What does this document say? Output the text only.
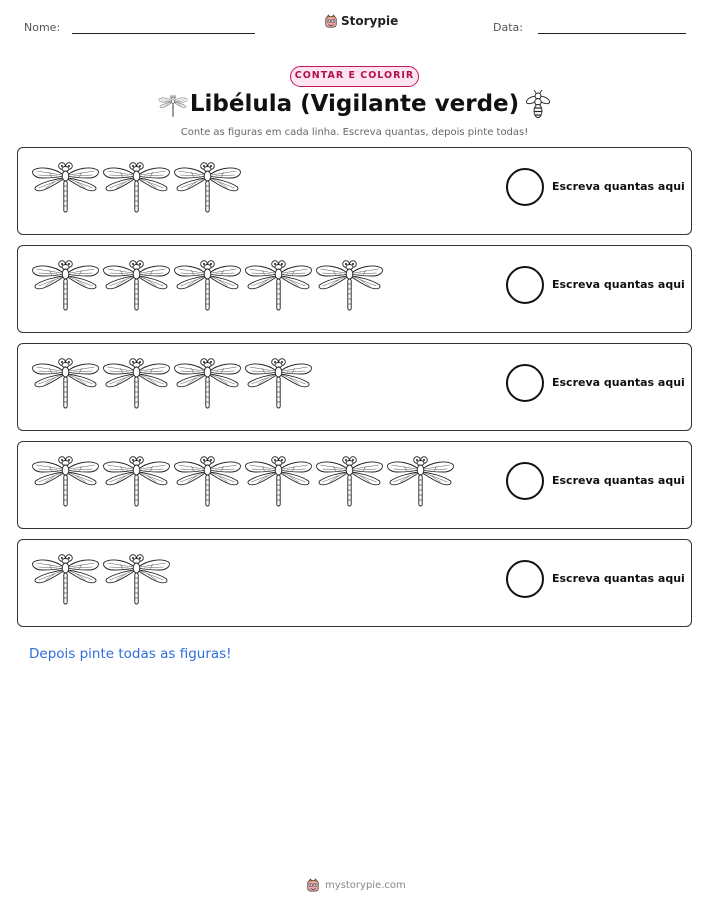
Nome:	Storypie	Data:
CONTAR E COLORIR
Libélula (Vigilante verde)
Conte as figuras em cada linha. Escreva quantas, depois pinte todas!
Escreva quantas aqui
Escreva quantas aqui
Escreva quantas aqui
Escreva quantas aqui
Escreva quantas aqui
Depois pinte todas as figuras!
mystorypie.com
